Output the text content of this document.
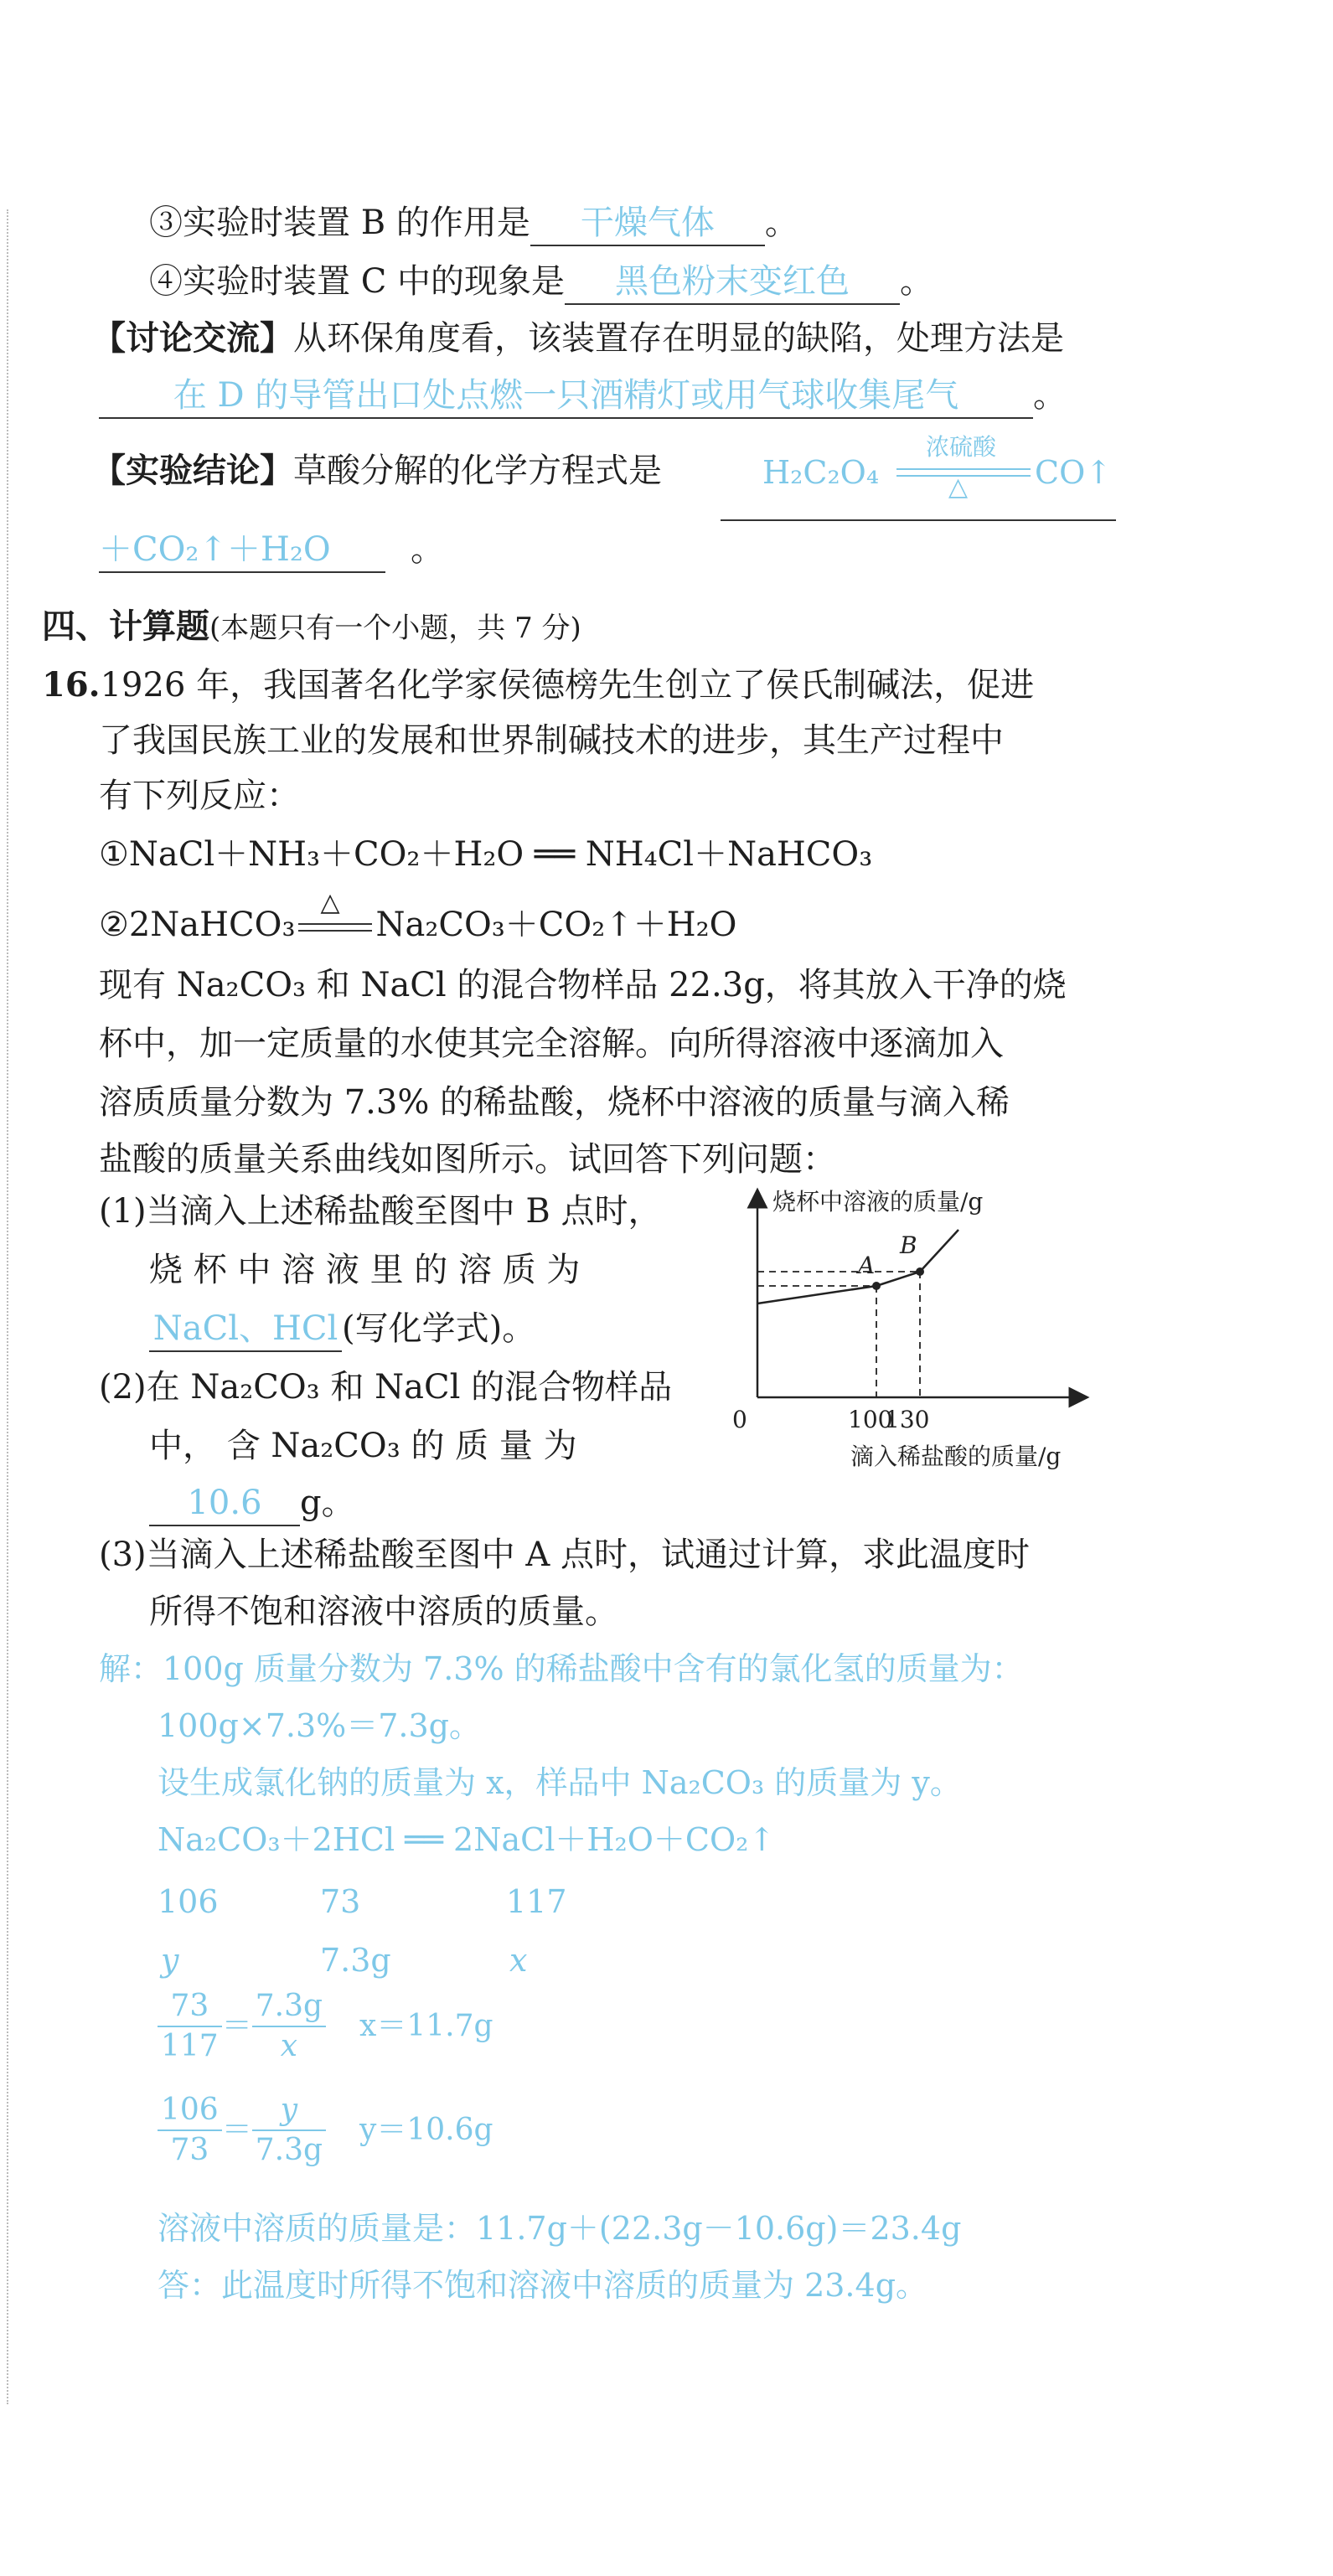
③实验时装置 B 的作用是 干燥气体 。
④实验时装置 C 中的现象是 黑色粉末变红色 。
【讨论交流】从环保角度看，该装置存在明显的缺陷，处理方法是
在 D 的导管出口处点燃一只酒精灯或用气球收集尾气 。
【实验结论】草酸分解的化学方程式是	H₂C₂O₄
浓硫酸
△ CO↑
＋CO₂↑＋H₂O 。
四、计算题(本题只有一个小题，共 7 分)
16.1926 年，我国著名化学家侯德榜先生创立了侯氏制碱法，促进
了我国民族工业的发展和世界制碱技术的进步，其生产过程中
有下列反应：
①NaCl＋NH₃＋CO₂＋H₂O ══ NH₄Cl＋NaHCO₃
②2NaHCO₃
△
Na₂CO₃＋CO₂↑＋H₂O
现有 Na₂CO₃ 和 NaCl 的混合物样品 22.3g，将其放入干净的烧
杯中，加一定质量的水使其完全溶解。向所得溶液中逐滴加入
溶质质量分数为 7.3% 的稀盐酸，烧杯中溶液的质量与滴入稀
盐酸的质量关系曲线如图所示。试回答下列问题：
(1)当滴入上述稀盐酸至图中 B 点时，
烧 杯 中 溶 液 里 的 溶 质 为
NaCl、HCl (写化学式)。
(2)在 Na₂CO₃ 和 NaCl 的混合物样品
中， 含 Na₂CO₃ 的 质 量 为
10.6 g。
烧杯中溶液的质量/g
0	100
130
滴入稀盐酸的质量/g
A
B
(3)当滴入上述稀盐酸至图中 A 点时，试通过计算，求此温度时
所得不饱和溶液中溶质的质量。
解：100g 质量分数为 7.3% 的稀盐酸中含有的氯化氢的质量为：
100g×7.3%＝7.3g。
设生成氯化钠的质量为 x，样品中 Na₂CO₃ 的质量为 y。
Na₂CO₃＋2HCl ══ 2NaCl＋H₂O＋CO₂↑
106	73	117
y	7.3g	x
$\frac{73}{117} = \frac{7.3g}{x} x=11.7g$
$\frac{106}{73} = \frac{y}{7.3g} y=10.6g$
溶液中溶质的质量是：11.7g＋(22.3g－10.6g)＝23.4g
答：此温度时所得不饱和溶液中溶质的质量为 23.4g。
